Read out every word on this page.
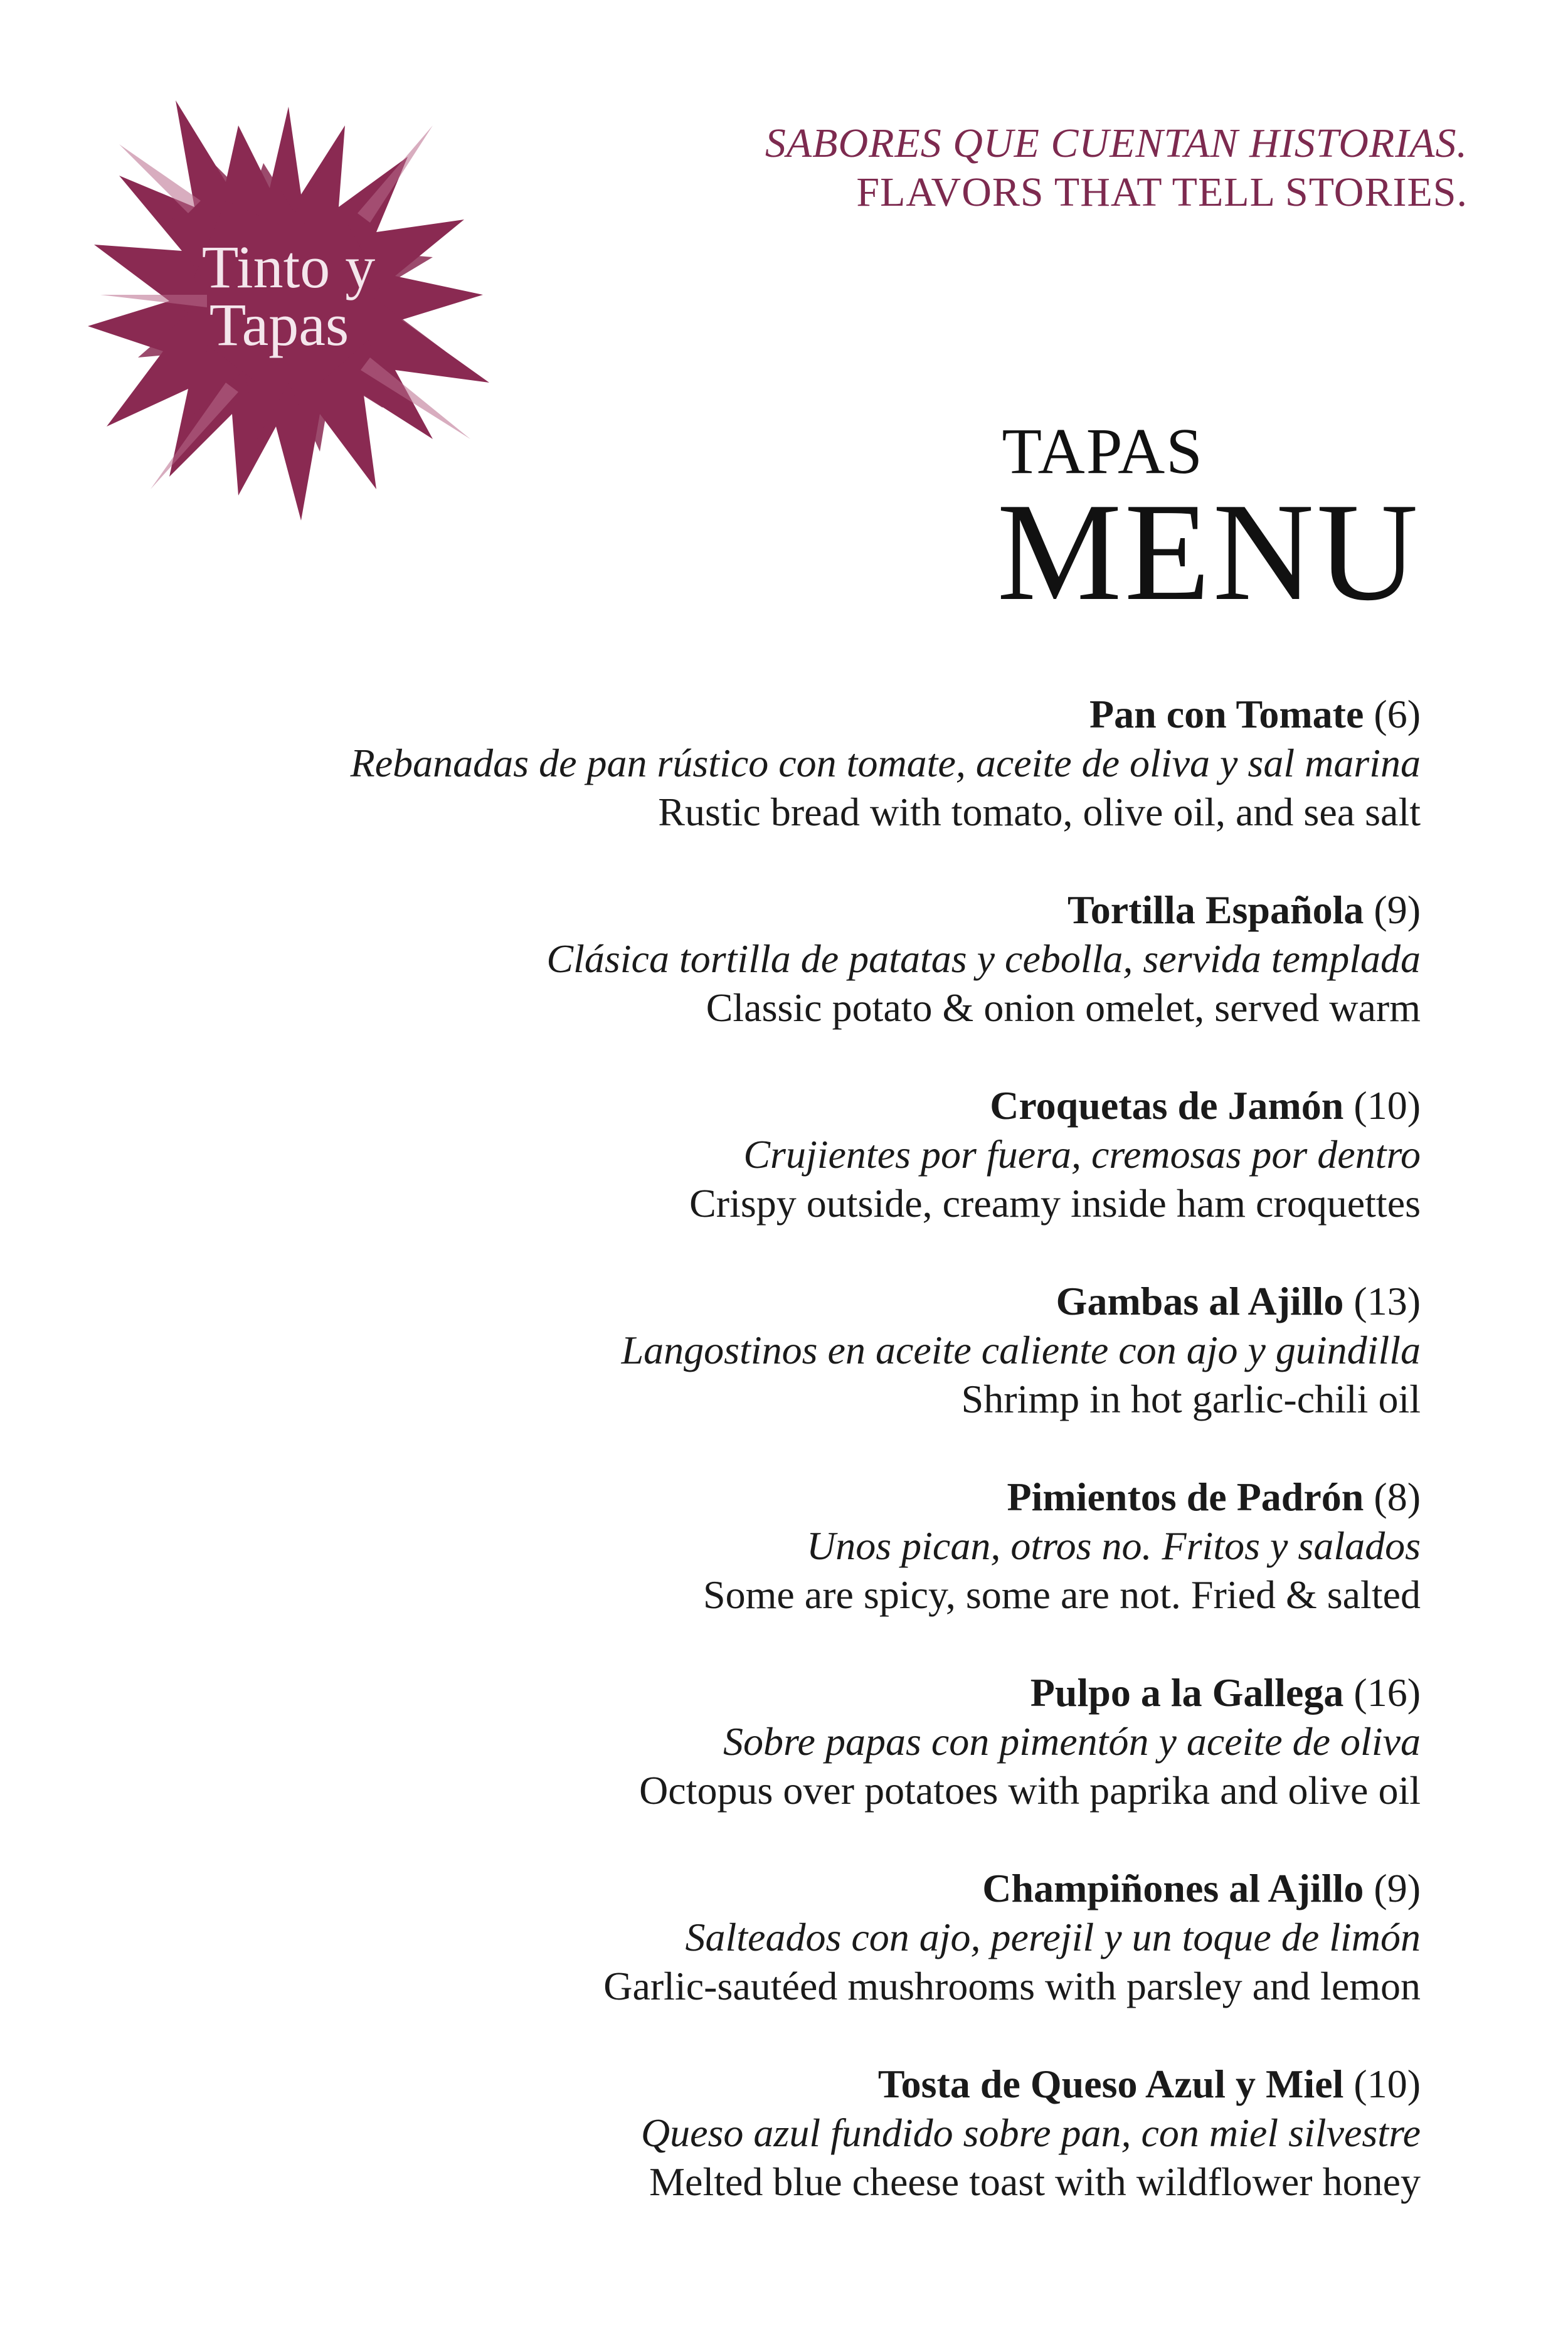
Tinto y
Tapas
SABORES QUE CUENTAN HISTORIAS.
FLAVORS THAT TELL STORIES.
TAPAS
MENU
Pan con Tomate (6)
Rebanadas de pan rústico con tomate, aceite de oliva y sal marina
Rustic bread with tomato, olive oil, and sea salt
Tortilla Española (9)
Clásica tortilla de patatas y cebolla, servida templada
Classic potato & onion omelet, served warm
Croquetas de Jamón (10)
Crujientes por fuera, cremosas por dentro
Crispy outside, creamy inside ham croquettes
Gambas al Ajillo (13)
Langostinos en aceite caliente con ajo y guindilla
Shrimp in hot garlic-chili oil
Pimientos de Padrón (8)
Unos pican, otros no. Fritos y salados
Some are spicy, some are not. Fried & salted
Pulpo a la Gallega (16)
Sobre papas con pimentón y aceite de oliva
Octopus over potatoes with paprika and olive oil
Champiñones al Ajillo (9)
Salteados con ajo, perejil y un toque de limón
Garlic-sautéed mushrooms with parsley and lemon
Tosta de Queso Azul y Miel (10)
Queso azul fundido sobre pan, con miel silvestre
Melted blue cheese toast with wildflower honey
